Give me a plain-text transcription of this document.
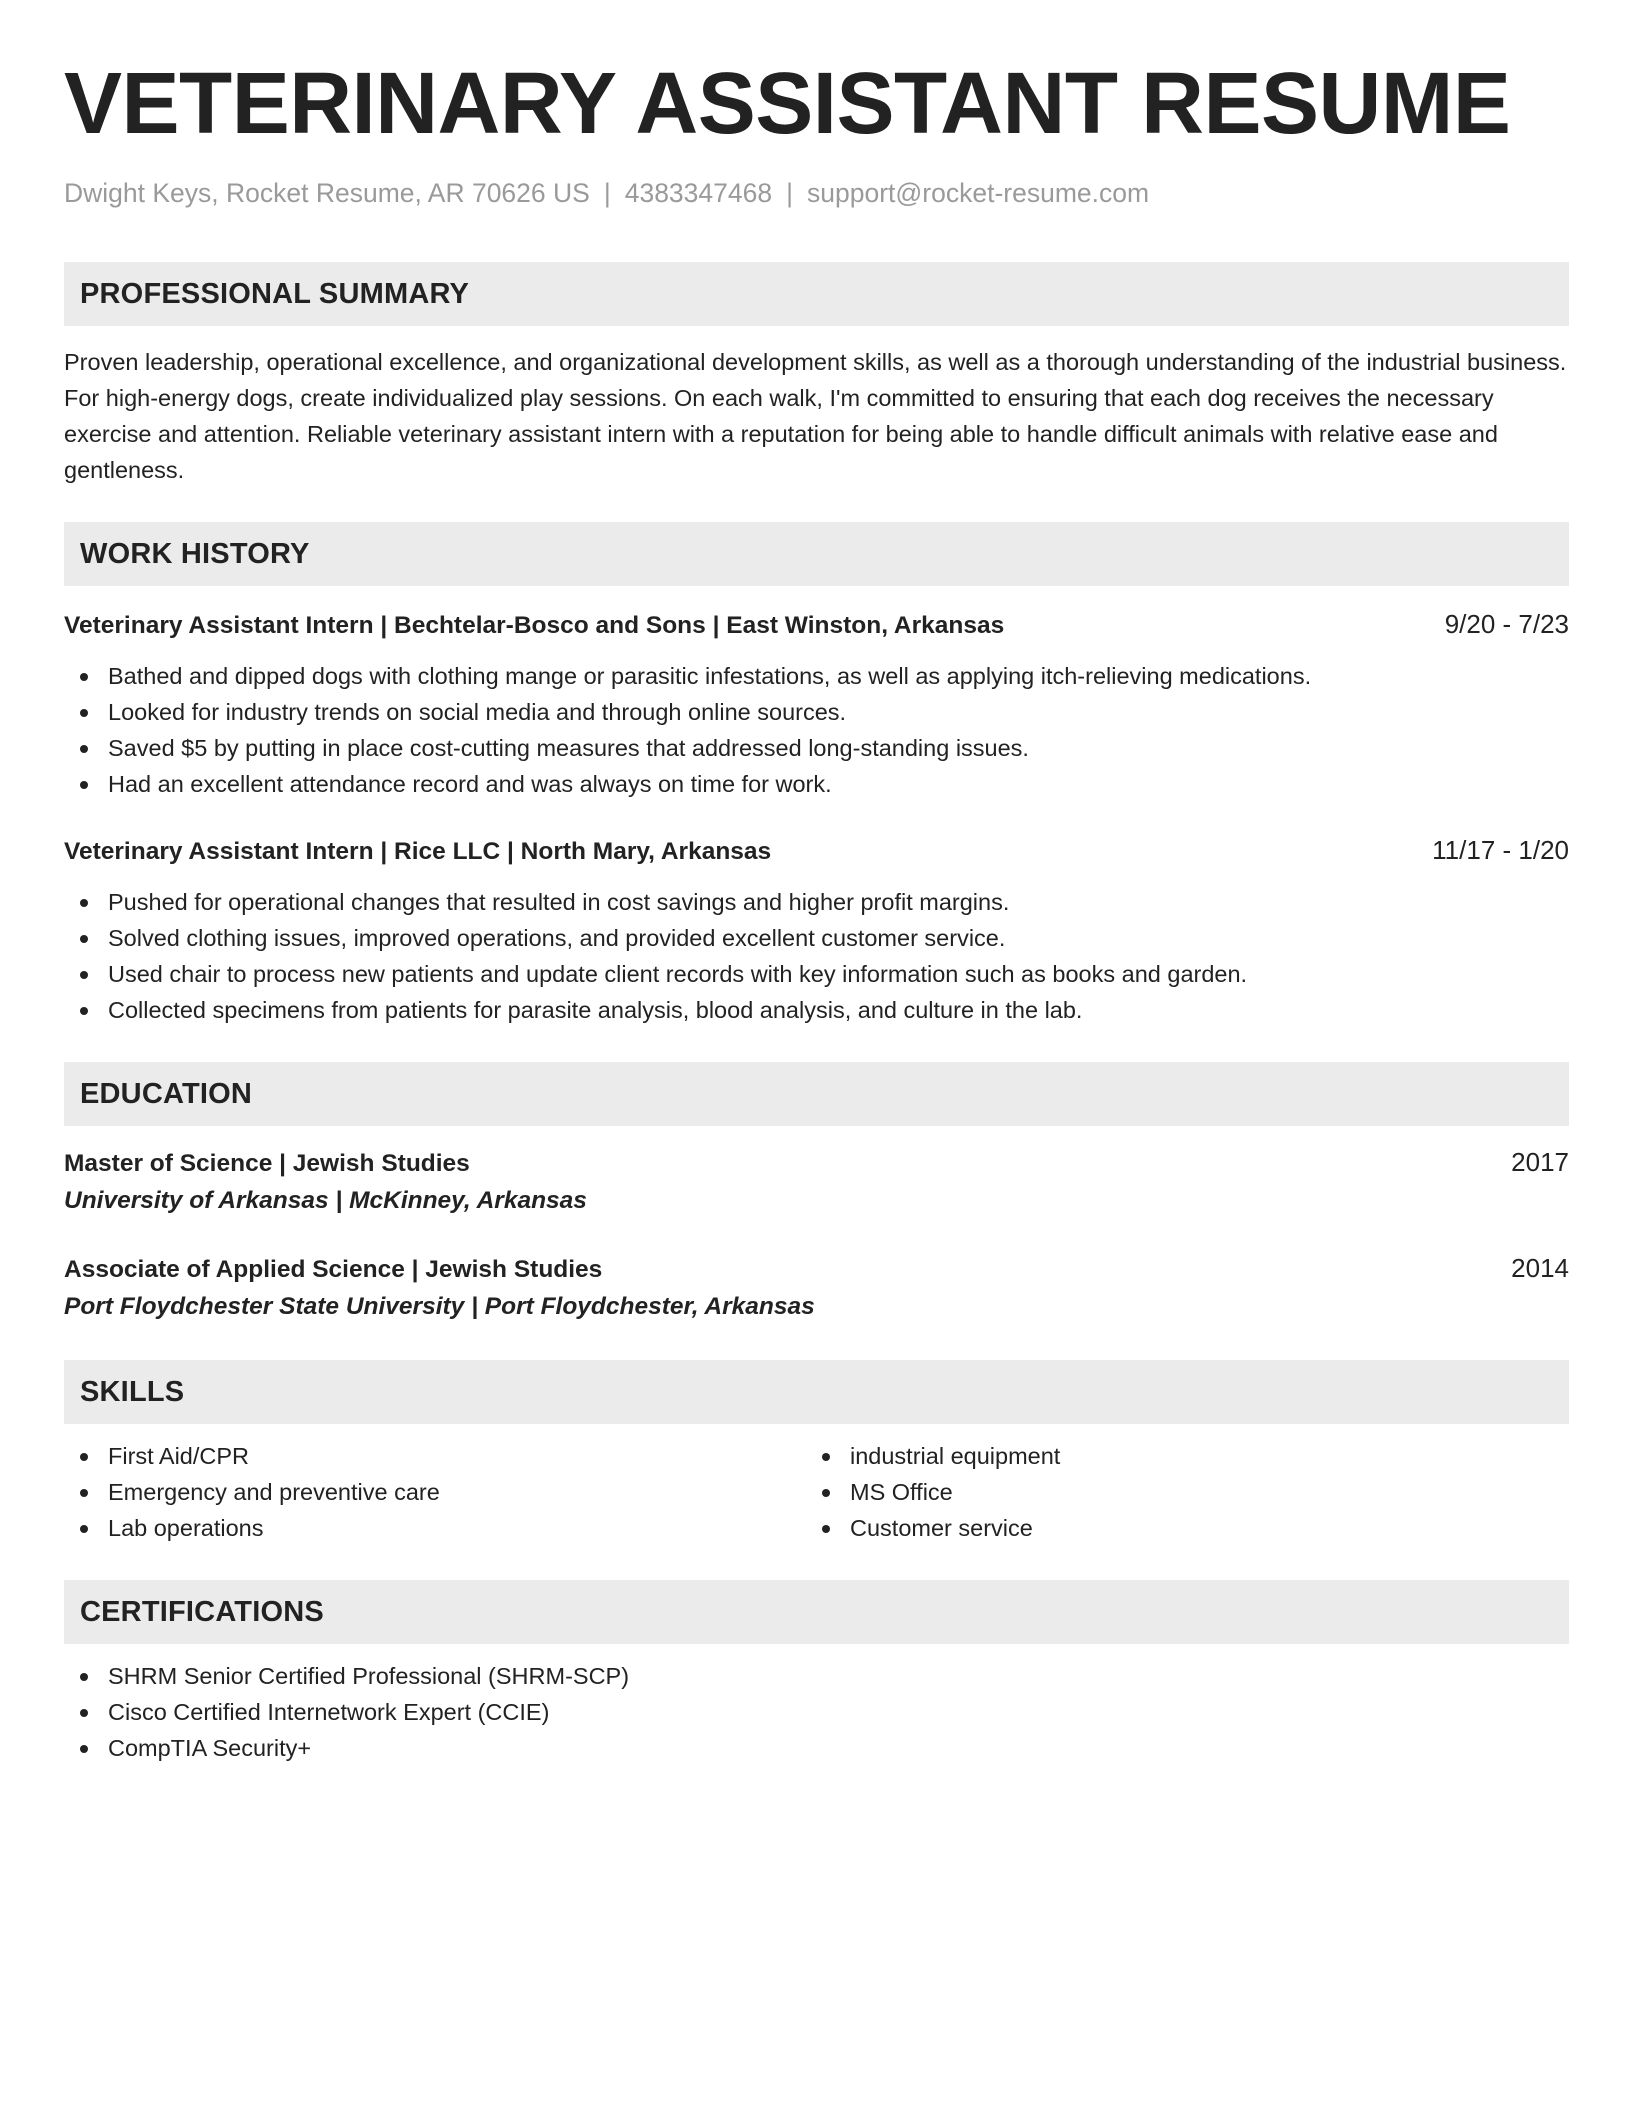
VETERINARY ASSISTANT RESUME
Dwight Keys, Rocket Resume, AR 70626 US | 4383347468 | support@rocket-resume.com
PROFESSIONAL SUMMARY

Proven leadership, operational excellence, and organizational development skills, as well as a thorough understanding of the industrial business. For high-energy dogs, create individualized play sessions. On each walk, I'm committed to ensuring that each dog receives the necessary exercise and attention. Reliable veterinary assistant intern with a reputation for being able to handle difficult animals with relative ease and gentleness.

WORK HISTORY
Veterinary Assistant Intern | Bechtelar-Bosco and Sons | East Winston, Arkansas	9/20 - 7/23
Bathed and dipped dogs with clothing mange or parasitic infestations, as well as applying itch-relieving medications.
Looked for industry trends on social media and through online sources.
Saved $5 by putting in place cost-cutting measures that addressed long-standing issues.
Had an excellent attendance record and was always on time for work.
Veterinary Assistant Intern | Rice LLC | North Mary, Arkansas	11/17 - 1/20
Pushed for operational changes that resulted in cost savings and higher profit margins.
Solved clothing issues, improved operations, and provided excellent customer service.
Used chair to process new patients and update client records with key information such as books and garden.
Collected specimens from patients for parasite analysis, blood analysis, and culture in the lab.
EDUCATION
Master of Science | Jewish Studies	2017
University of Arkansas | McKinney, Arkansas
Associate of Applied Science | Jewish Studies	2014
Port Floydchester State University | Port Floydchester, Arkansas
SKILLS
First Aid/CPR
Emergency and preventive care
Lab operations
industrial equipment
MS Office
Customer service
CERTIFICATIONS
SHRM Senior Certified Professional (SHRM-SCP)
Cisco Certified Internetwork Expert (CCIE)
CompTIA Security+
